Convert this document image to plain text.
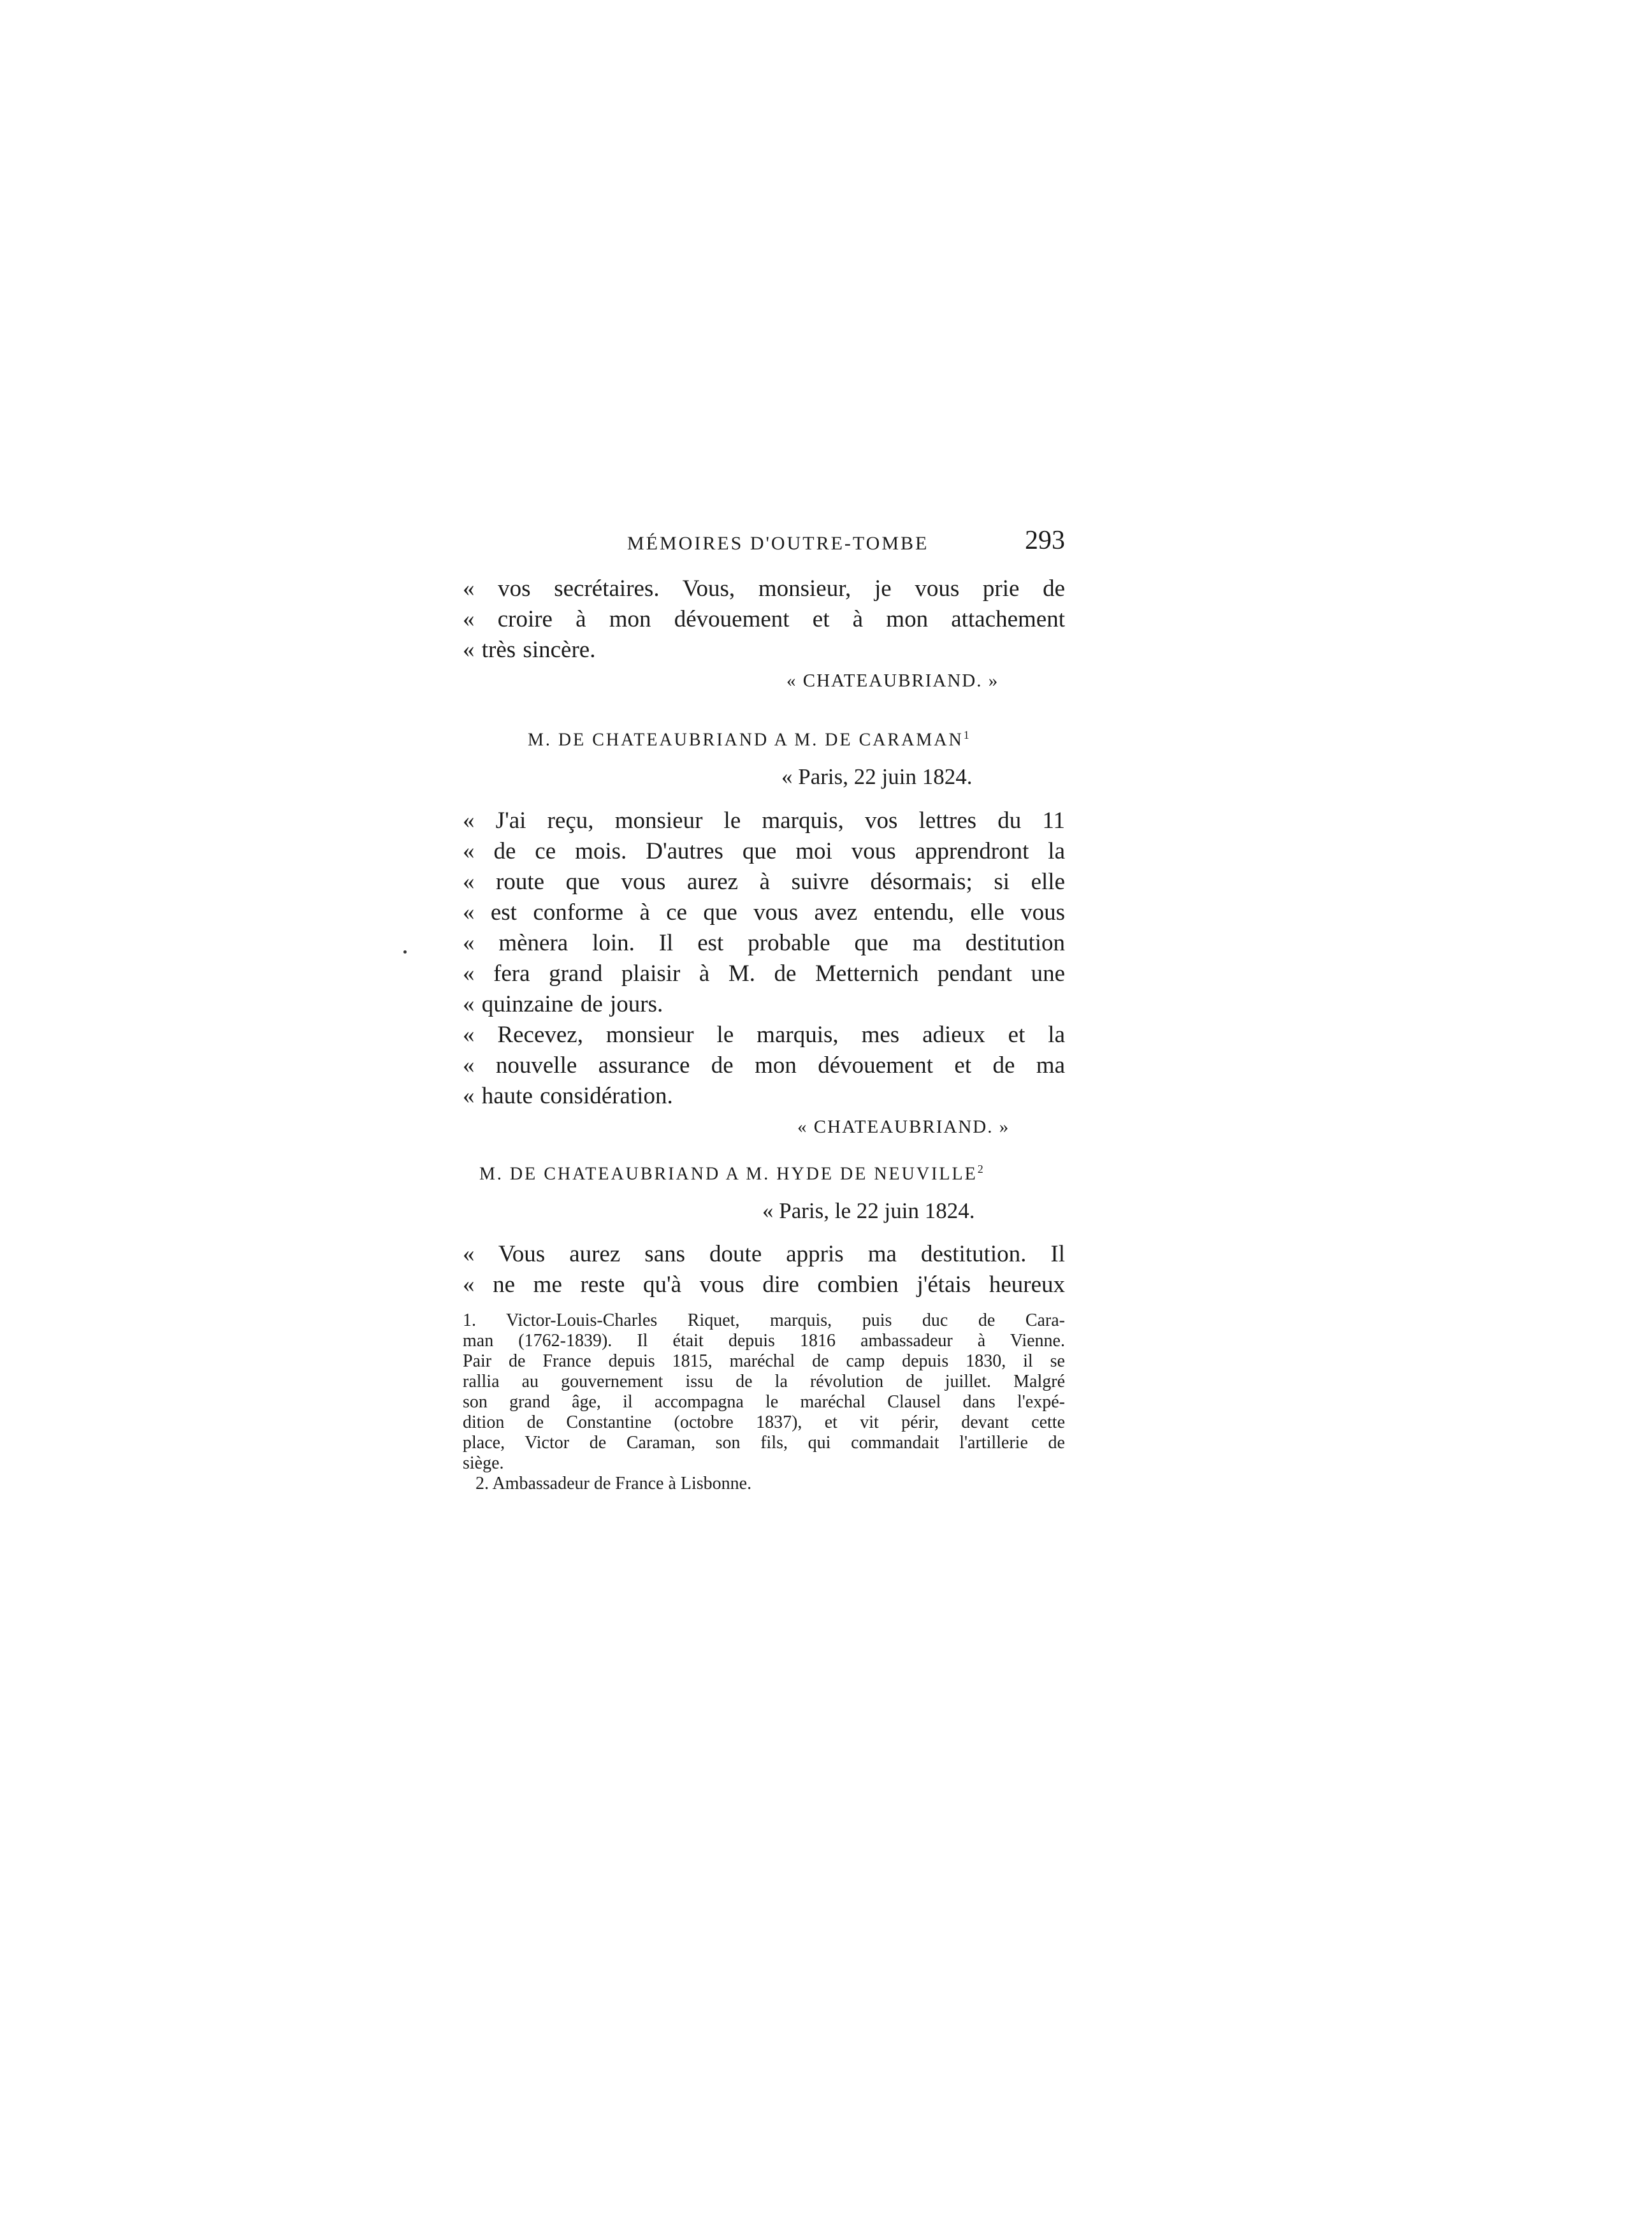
MÉMOIRES D'OUTRE-TOMBE	293
« vos secrétaires. Vous, monsieur, je vous prie de
« croire à mon dévouement et à mon attachement
« très sincère.
« CHATEAUBRIAND. »
M. DE CHATEAUBRIAND A M. DE CARAMAN$^1$
« Paris, 22 juin 1824.
« J'ai reçu, monsieur le marquis, vos lettres du 11
« de ce mois. D'autres que moi vous apprendront la
« route que vous aurez à suivre désormais; si elle
« est conforme à ce que vous avez entendu, elle vous
« mènera loin. Il est probable que ma destitution
« fera grand plaisir à M. de Metternich pendant une
« quinzaine de jours.
« Recevez, monsieur le marquis, mes adieux et la
« nouvelle assurance de mon dévouement et de ma
« haute considération.
« CHATEAUBRIAND. »
M. DE CHATEAUBRIAND A M. HYDE DE NEUVILLE$^2$
« Paris, le 22 juin 1824.
« Vous aurez sans doute appris ma destitution. Il
« ne me reste qu'à vous dire combien j'étais heureux
1. Victor-Louis-Charles Riquet, marquis, puis duc de Cara-
man (1762-1839). Il était depuis 1816 ambassadeur à Vienne.
Pair de France depuis 1815, maréchal de camp depuis 1830, il se
rallia au gouvernement issu de la révolution de juillet. Malgré
son grand âge, il accompagna le maréchal Clausel dans l'expé-
dition de Constantine (octobre 1837), et vit périr, devant cette
place, Victor de Caraman, son fils, qui commandait l'artillerie de
siège.
2. Ambassadeur de France à Lisbonne.
